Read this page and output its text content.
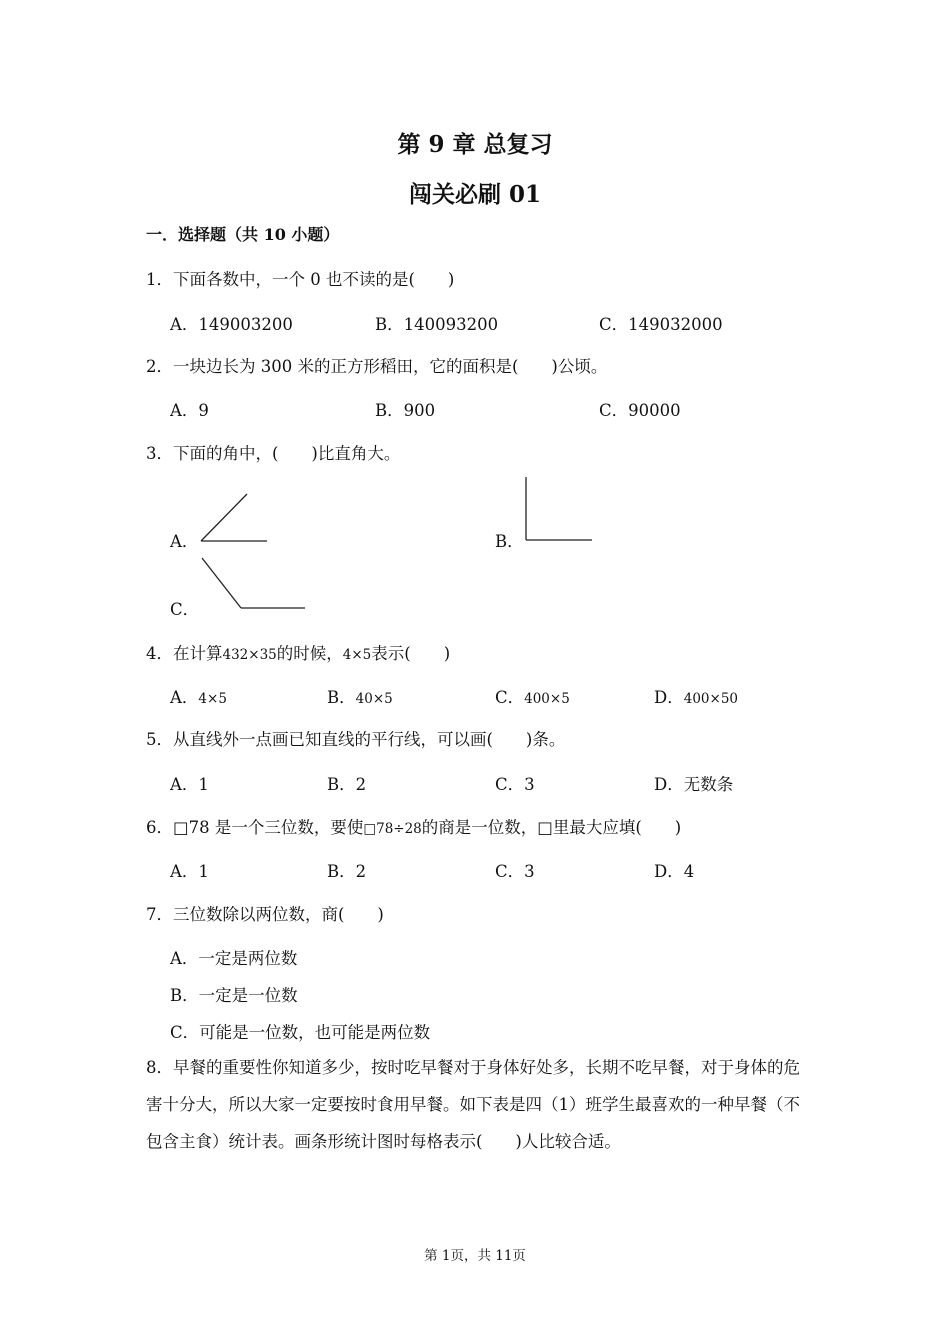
第 9 章 总复习
闯关必刷 01
一．选择题（共 10 小题）
1．下面各数中，一个 0 也不读的是(　　)
A．149003200	B．140093200	C．149032000
2．一块边长为 300 米的正方形稻田，它的面积是(　　)公顷。
A．9	B．900	C．90000
3．下面的角中，(　　)比直角大。
A．	B．
C．
4．在计算432×35的时候，4×5表示(　　)
A．4×5	B．40×5	C．400×5	D．400×50
5．从直线外一点画已知直线的平行线，可以画(　　)条。
A．1	B．2	C．3	D．无数条
6．□78 是一个三位数，要使□78÷28的商是一位数，□里最大应填(　　)
A．1	B．2	C．3	D．4
7．三位数除以两位数，商(　　)
A．一定是两位数
B．一定是一位数
C．可能是一位数，也可能是两位数
8．早餐的重要性你知道多少，按时吃早餐对于身体好处多，长期不吃早餐，对于身体的危害十分大，所以大家一定要按时食用早餐。如下表是四（1）班学生最喜欢的一种早餐（不包含主食）统计表。画条形统计图时每格表示(　　)人比较合适。
第 1页，共 11页
